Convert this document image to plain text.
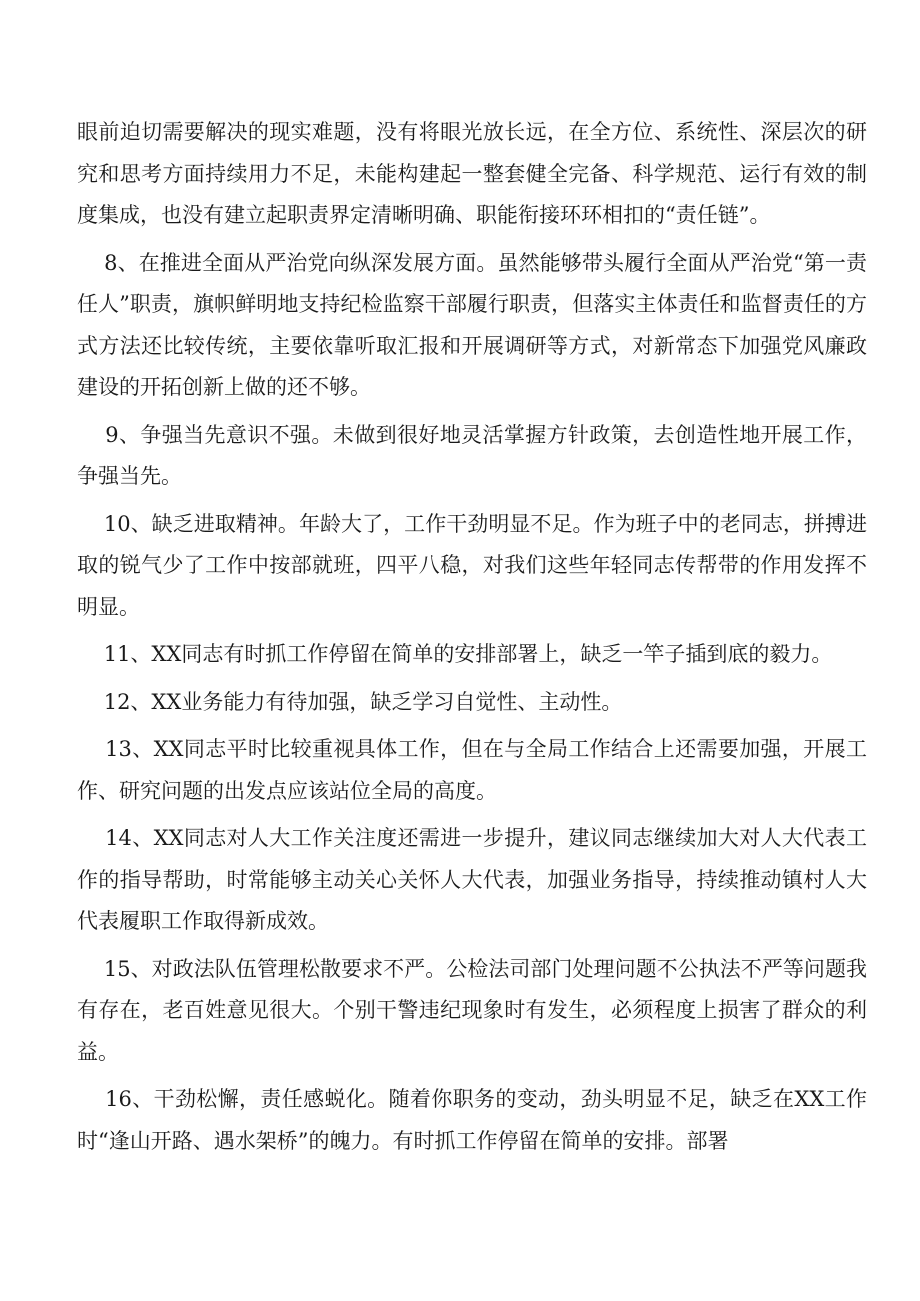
眼前迫切需要解决的现实难题，没有将眼光放长远，在全方位、系统性、深层次的研究和思考方面持续用力不足，未能构建起一整套健全完备、科学规范、运行有效的制度集成，也没有建立起职责界定清晰明确、职能衔接环环相扣的“责任链”。

8、在推进全面从严治党向纵深发展方面。虽然能够带头履行全面从严治党“第一责任人”职责，旗帜鲜明地支持纪检监察干部履行职责，但落实主体责任和监督责任的方式方法还比较传统，主要依靠听取汇报和开展调研等方式，对新常态下加强党风廉政建设的开拓创新上做的还不够。

9、争强当先意识不强。未做到很好地灵活掌握方针政策，去创造性地开展工作，争强当先。

10、缺乏进取精神。年龄大了，工作干劲明显不足。作为班子中的老同志，拼搏进取的锐气少了工作中按部就班，四平八稳，对我们这些年轻同志传帮带的作用发挥不明显。

11、XX同志有时抓工作停留在简单的安排部署上，缺乏一竿子插到底的毅力。

12、XX业务能力有待加强，缺乏学习自觉性、主动性。

13、XX同志平时比较重视具体工作，但在与全局工作结合上还需要加强，开展工作、研究问题的出发点应该站位全局的高度。

14、XX同志对人大工作关注度还需进一步提升，建议同志继续加大对人大代表工作的指导帮助，时常能够主动关心关怀人大代表，加强业务指导，持续推动镇村人大代表履职工作取得新成效。

15、对政法队伍管理松散要求不严。公检法司部门处理问题不公执法不严等问题我有存在，老百姓意见很大。个别干警违纪现象时有发生，必须程度上损害了群众的利益。

16、干劲松懈，责任感蜕化。随着你职务的变动，劲头明显不足，缺乏在XX工作时“逢山开路、遇水架桥”的魄力。有时抓工作停留在简单的安排。部署
